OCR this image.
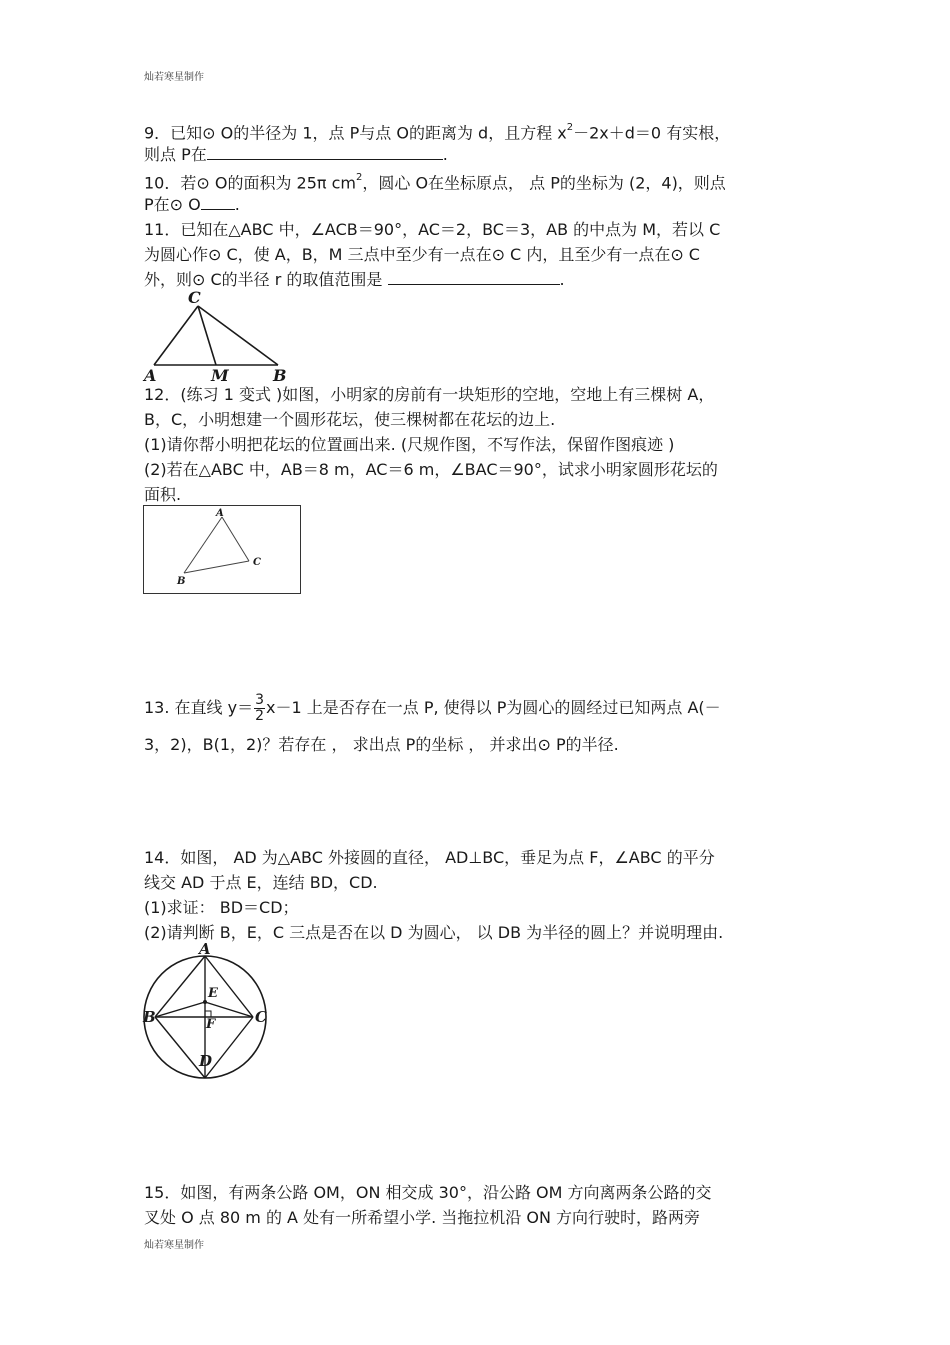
灿若寒星制作
9．已知⊙ O的半径为 1，点 P与点 O的距离为 d，且方程 $x^2-2x+d=0$ 有实根，
则点 P在	.
10．若⊙ O的面积为 25π $cm^2$，圆心 O在坐标原点， 点 P的坐标为 (2，4)，则点
P在⊙ O .
11．已知在△ABC 中，∠ACB＝90°，AC＝2，BC＝3，AB 的中点为 M，若以 C
为圆心作⊙ C，使 A，B，M 三点中至少有一点在⊙ C 内，且至少有一点在⊙ C
外，则⊙ C的半径 r 的取值范围是	.
C
A	M	B
12．(练习 1 变式 )如图，小明家的房前有一块矩形的空地，空地上有三棵树 A，
B，C，小明想建一个圆形花坛，使三棵树都在花坛的边上.
(1)请你帮小明把花坛的位置画出来. (尺规作图，不写作法，保留作图痕迹 )
(2)若在△ABC 中，AB＝8 m，AC＝6 m，∠BAC＝90°，试求小明家圆形花坛的
面积.
A
B
C
13. 在直线 $y= \frac{3}{2} x-1$ 上是否存在一点 P, 使得以 P为圆心的圆经过已知两点 A(－
3，2)，B(1，2)？若存在 ， 求出点 P的坐标 ， 并求出⊙ P的半径.
14．如图， AD 为△ABC 外接圆的直径， AD⊥BC，垂足为点 F，∠ABC 的平分
线交 AD 于点 E，连结 BD，CD.
(1)求证： BD＝CD；
(2)请判断 B，E，C 三点是否在以 D 为圆心， 以 DB 为半径的圆上？并说明理由.
A
B	C
D
E
F
15．如图，有两条公路 OM，ON 相交成 30°，沿公路 OM 方向离两条公路的交
叉处 O 点 80 m 的 A 处有一所希望小学. 当拖拉机沿 ON 方向行驶时，路两旁
灿若寒星制作
